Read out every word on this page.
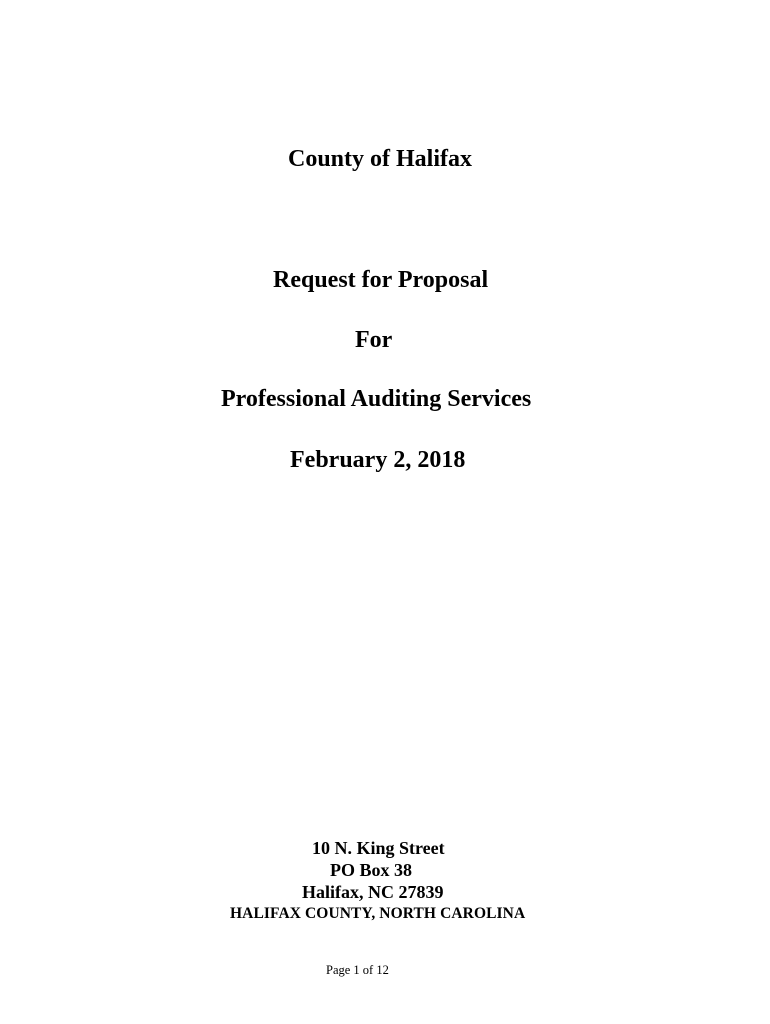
County of Halifax
Request for Proposal
For
Professional Auditing Services
February 2, 2018
10 N. King Street
PO Box 38
Halifax, NC 27839
HALIFAX COUNTY, NORTH CAROLINA
Page 1 of 12
